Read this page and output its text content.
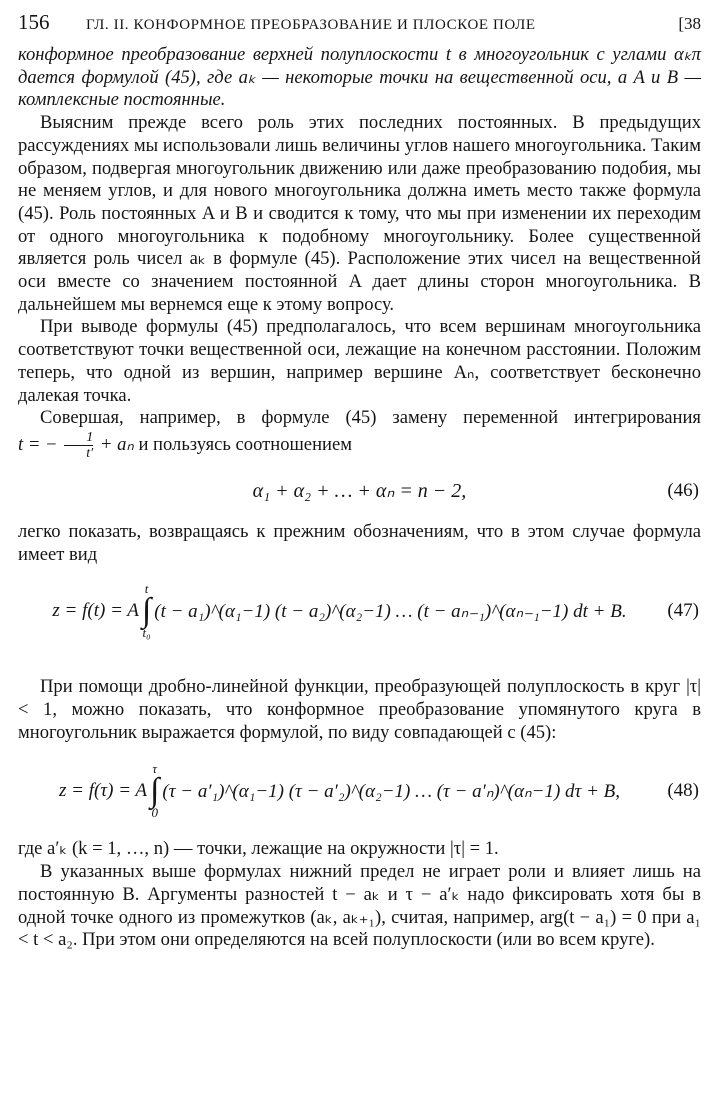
156	ГЛ. II. КОНФОРМНОЕ ПРЕОБРАЗОВАНИЕ И ПЛОСКОЕ ПОЛЕ	[38

конформное преобразование верхней полуплоскости t в многоугольник с углами αₖπ дается формулой (45), где aₖ — некоторые точки на вещественной оси, а A и B — комплексные постоянные.

Выясним прежде всего роль этих последних постоянных. В предыдущих рассуждениях мы использовали лишь величины углов нашего многоугольника. Таким образом, подвергая многоугольник движению или даже преобразованию подобия, мы не меняем углов, и для нового многоугольника должна иметь место также формула (45). Роль постоянных A и B и сводится к тому, что мы при изменении их переходим от одного многоугольника к подобному многоугольнику. Более существенной является роль чисел aₖ в формуле (45). Расположение этих чисел на вещественной оси вместе со значением постоянной A дает длины сторон многоугольника. В дальнейшем мы вернемся еще к этому вопросу.

При выводе формулы (45) предполагалось, что всем вершинам многоугольника соответствуют точки вещественной оси, лежащие на конечном расстоянии. Положим теперь, что одной из вершин, например вершине Aₙ, соответствует бесконечно далекая точка.

Совершая, например, в формуле (45) замену переменной интегрирования t = − $\frac{1}{t'} + a_n$ и пользуясь соотношением

α₁ + α₂ + … + αₙ = n − 2,	(46)

легко показать, возвращаясь к прежним обозначениям, что в этом случае формула имеет вид

z = f(t) = A
t
∫
t₀
(t − a₁)^(α₁−1) (t − a₂)^(α₂−1) … (t − aₙ₋₁)^(αₙ₋₁−1) dt + B. (47)

При помощи дробно-линейной функции, преобразующей полуплоскость в круг |τ| < 1, можно показать, что конформное преобразование упомянутого круга в многоугольник выражается формулой, по виду совпадающей с (45):

z = f(τ) = A
τ
∫
0
(τ − a′₁)^(α₁−1) (τ − a′₂)^(α₂−1) … (τ − a′ₙ)^(αₙ−1) dτ + B, (48)

где a′ₖ (k = 1, …, n) — точки, лежащие на окружности |τ| = 1.

В указанных выше формулах нижний предел не играет роли и влияет лишь на постоянную B. Аргументы разностей t − aₖ и τ − a′ₖ надо фиксировать хотя бы в одной точке одного из промежутков (aₖ, aₖ₊₁), считая, например, arg(t − a₁) = 0 при a₁ < t < a₂. При этом они определяются на всей полуплоскости (или во всем круге).
